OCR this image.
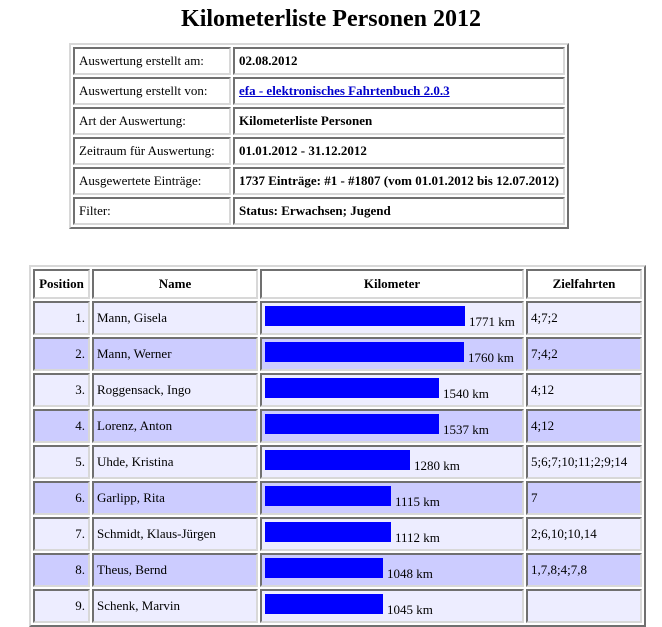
Kilometerliste Personen 2012
Auswertung erstellt am:	02.08.2012
Auswertung erstellt von:	efa - elektronisches Fahrtenbuch 2.0.3
Art der Auswertung:	Kilometerliste Personen
Zeitraum für Auswertung:	01.01.2012 - 31.12.2012
Ausgewertete Einträge:	1737 Einträge: #1 - #1807 (vom 01.01.2012 bis 12.07.2012)
Filter:	Status: Erwachsen; Jugend
Position	Name	Kilometer	Zielfahrten
1.	Mann, Gisela	1771 km	4;7;2
2.	Mann, Werner	1760 km	7;4;2
3.	Roggensack, Ingo	1540 km	4;12
4.	Lorenz, Anton	1537 km	4;12
5.	Uhde, Kristina	1280 km	5;6;7;10;11;2;9;14
6.	Garlipp, Rita	1115 km	7
7.	Schmidt, Klaus-Jürgen	1112 km	2;6,10;10,14
8.	Theus, Bernd	1048 km	1,7,8;4;7,8
9.	Schenk, Marvin	1045 km	
